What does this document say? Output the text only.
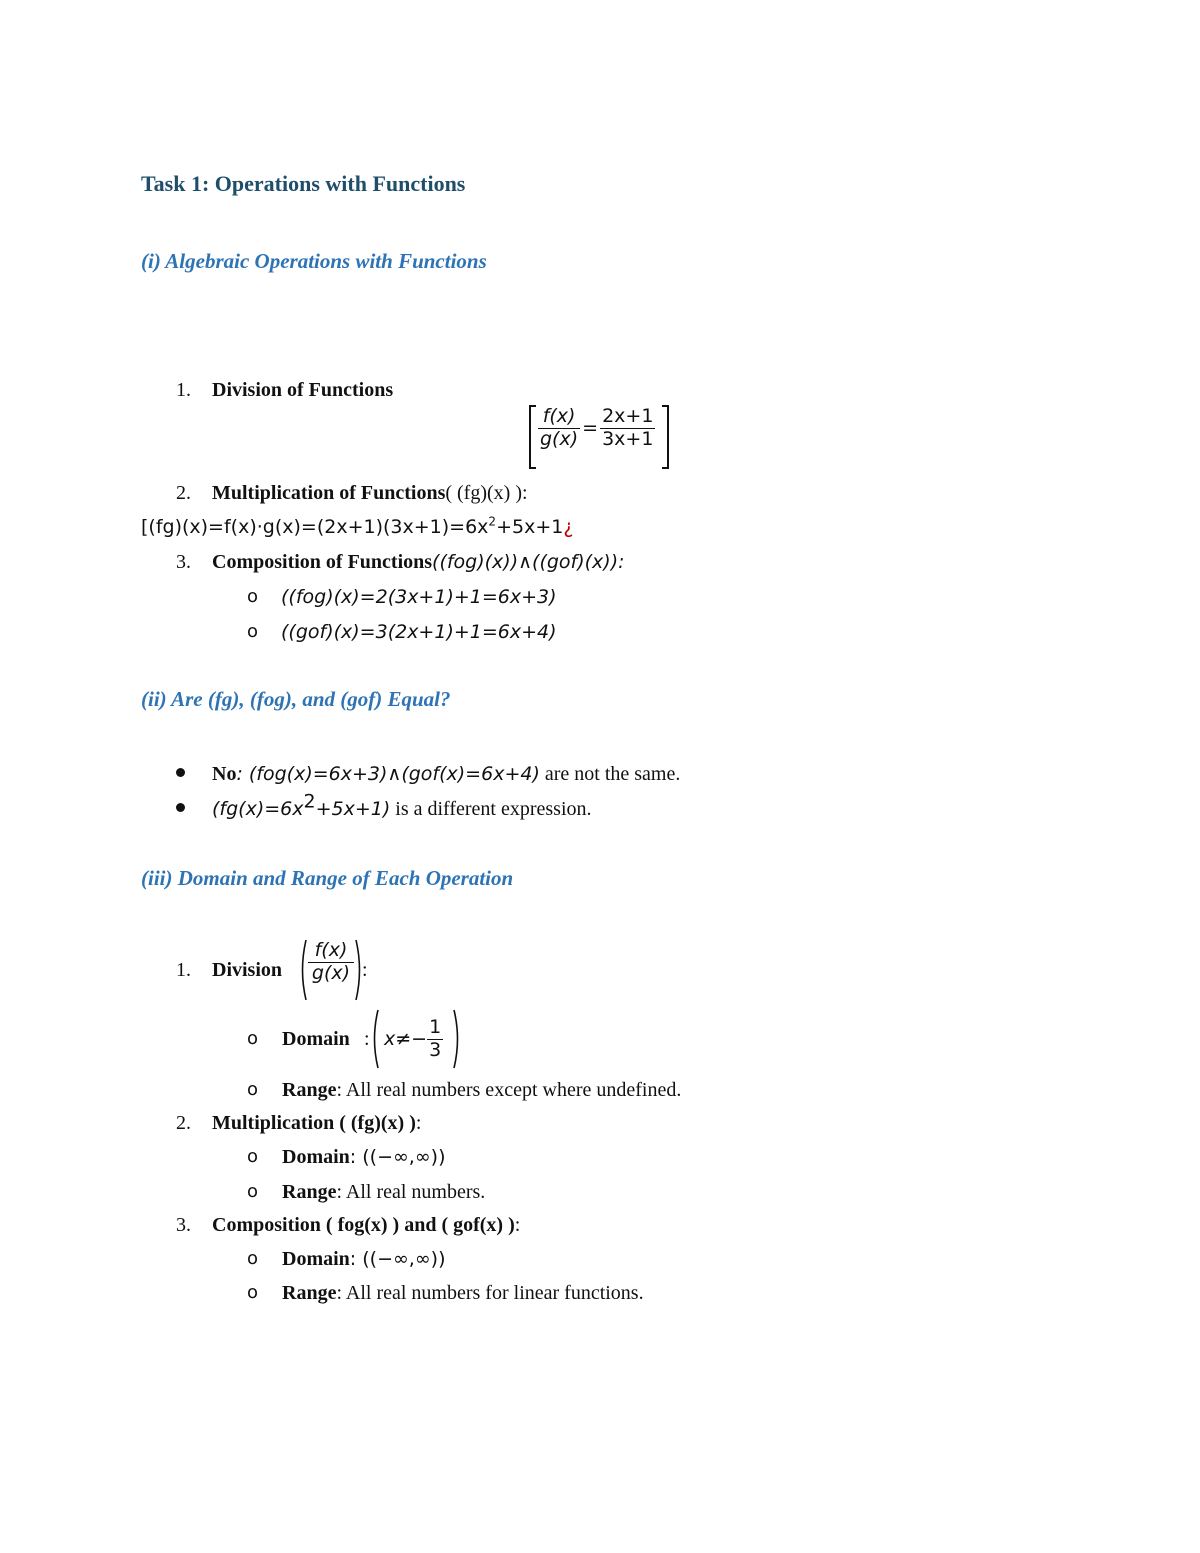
Task 1: Operations with Functions
(i) Algebraic Operations with Functions
1. Division of Functions
$\frac{f(x)}{g(x)} = \frac{2x+1}{3x+1}$
2. Multiplication of Functions( (fg)(x) ):
[$(fg)(x)=f(x)\cdot g(x)=(2x+1)(3x+1)=6x^2+5x+1¿$
3. Composition of Functions((fog)(x))∧((gof)(x)):
o ((fog)(x)=2(3x+1)+1=6x+3)
o ((gof)(x)=3(2x+1)+1=6x+4)
(ii) Are (fg), (fog), and (gof) Equal?
No: (fog(x)=6x+3)∧(gof(x)=6x+4) are not the same.
$(fg(x)=6x^2+5x+1)$ is a different expression.
(iii) Domain and Range of Each Operation
1. Division $\frac{f(x)}{g(x)}$ :
o Domain : $x\ne- \frac{1}{3}$
o Range: All real numbers except where undefined.
2. Multiplication ( (fg)(x) ):
o Domain: ((−∞,∞))
o Range: All real numbers.
3. Composition ( fog(x) ) and ( gof(x) ):
o Domain: ((−∞,∞))
o Range: All real numbers for linear functions.
